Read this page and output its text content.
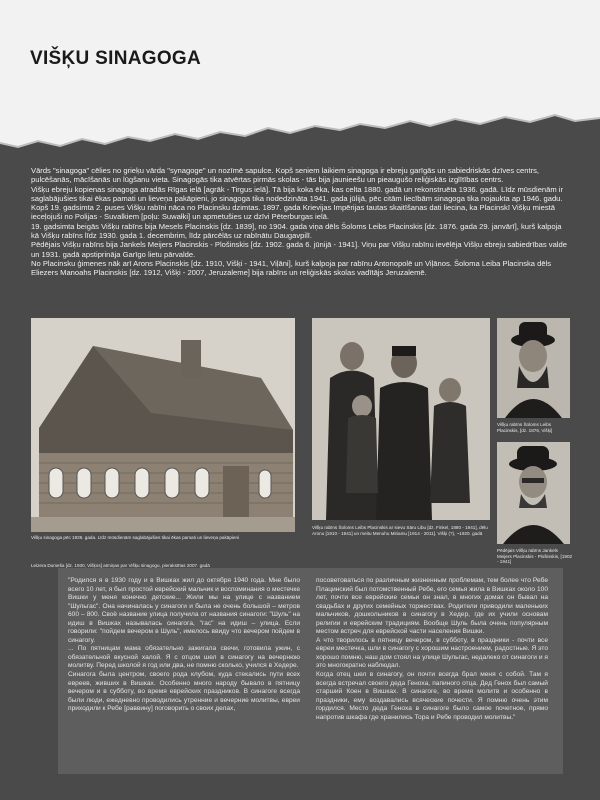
VIŠĶU SINAGOGA

Vārds "sinagoga" cēlies no grieķu vārda "synagoge" un nozīmē sapulce. Kopš seniem laikiem sinagoga ir ebreju garīgās un sabiedriskās dzīves centrs, pulcēšanās, mācīšanās un lūgšanu vieta. Sinagogās tika atvērtas pirmās skolas - tās bija jaunieešu un pieaugušo reliģiskās izglītības centrs.

Višķu ebreju kopienas sinagoga atradās Rīgas ielā [agrāk - Tirgus ielā]. Tā bija koka ēka, kas celta 1880. gadā un rekonstruēta 1936. gadā. Līdz mūsdienām ir saglabājušies tikai ēkas pamati un lieveņa pakāpieni, jo sinagoga tika nodedzināta 1941. gada jūlijā, pēc citām liecībām sinagoga tika nojaukta ap 1946. gadu.

Kopš 19. gadsimta 2. puses Višķu rabīni nāca no Placinsku dzimtas. 1897. gada Krievijas Impērijas tautas skaitīšanas dati liecina, ka Placinskī Višķu miestā ieceļojuši no Polijas - Suvalkiem [poļu: Suwałki] un apmetušies uz dzīvi Pēterburgas ielā.

19. gadsimta beigās Višķu rabīns bija Mesels Placinskis [dz. 1839], no 1904. gada viņa dēls Šoloms Leibs Placinskis [dz. 1876. gada 29. janvārī], kurš kalpoja kā Višķu rabīns līdz 1930. gada 1. decembrim, līdz pārcēlās uz rabīnātu Daugavpilī.

Pēdējais Višķu rabīns bija Jankels Meijers Placinskis - Plošinskis [dz. 1902. gada 6. jūnijā - 1941]. Viņu par Višķu rabīnu ievēlēja Višķu ebreju sabiedrības valde un 1931. gadā apstiprināja Garīgo lietu pārvalde.

No Placinsku ģimenes nāk arī Arons Placinskis [dz. 1910, Višķi - 1941, Viļāni], kurš kalpoja par rabīnu Antonopolē un Viļānos. Šoloma Leiba Placinska dēls Eliezers Manoahs Placinskis [dz. 1912, Višķi - 2007, Jeruzaleme] bija rabīns un reliģiskās skolas vadītājs Jeruzalemē.

Višķu sinagoga pēc 1936. gada. Līdz mūsdienām saglabājušies tikai ēkas pamati un lieveņa pakāpieni
Leizera Dumeša [dz. 1930, Višķos] atmiņas par Višķu sinagogu, pierakstītas 2007. gadā
Višķu rabīns Šoloms Leibs Placinskis ar sievu Sāru Libu [dz. Finkel, 1880 - 1941], dēlu Aronu [1910 - 1941] un meitu Menuhu Miriamu [1914 - 2011]. Višķi (?), ~1920. gadā
Višķu rabīns Šoloms Leibs Placinskis, [dz. 1876, Višķi]
Pēdējais Višķu rabīns Jankels Meijers Placinskis - Plošinskis, [1902 - 1941]

"Родился я в 1930 году и в Вишках жил до октября 1940 года. Мне было всего 10 лет, я был простой еврейский мальчик и воспоминания о местечке Вишки у меня конечно детские... Жили мы на улице с названием "Шульгас". Она начиналась у синагоги и была не очень большой – метров 600 – 800. Своё название улица получила от названия синагоги: "Шуль" на идиш в Вишках называлась синагога, "гас" на идиш – улица. Если говорили: "пойдем вечером в Шуль", имелось ввиду что вечером пойдем в синагогу.

... По пятницам мама обязательно зажигала свечи, готовила ужин, с обязательной вкусной халой. Я с отцом шел в синагогу на вечернюю молитву. Перед школой я год или два, не помню сколько, учился в Хедере.

Синагога была центром, своего рода клубом, куда стекались пути всех евреев, живших в Вишках. Особенно много народу бывало в пятницу вечером и в субботу, во время еврейских праздников. В синагоге всегда были люди, ежедневно проводились утренние и вечерние молитвы, евреи приходили к Ребе [раввину] поговорить о своих делах,

посоветоваться по различным жизненным проблемам, тем более что Ребе Плацинский был потомственный Ребе, его семья жила в Вишках около 100 лет, почти все еврейские семьи он знал, в многих домах он бывал на свадьбах и других семейных торжествах. Родители приводили маленьких мальчиков, дошкольников в синагогу в Хедер, где их учили основам религии и еврейским традициям. Вообще Шуль была очень популярным местом встреч для еврейской части населения Вишки.

А что творилось в пятницу вечером, в субботу, в праздники - почти все евреи местечка, шли в синагогу с хорошим настроением, радостные. Я это хорошо помню, наш дом стоял на улице Шульгас, недалеко от синагоги и я это многократно наблюдал.

Когда отец шел в синагогу, он почти всегда брал меня с собой. Там я всегда встречал своего деда Геноха, папиного отца. Дед Генох был самый старший Коен в Вишках. В синагоге, во время молитв и особенно в праздники, ему воздавались всяческие почести. Я помню очень этим гордился. Место деда Геноха в синагоге было самое почетное, прямо напротив шкафа где хранились Тора и Ребе проводил молитвы."
